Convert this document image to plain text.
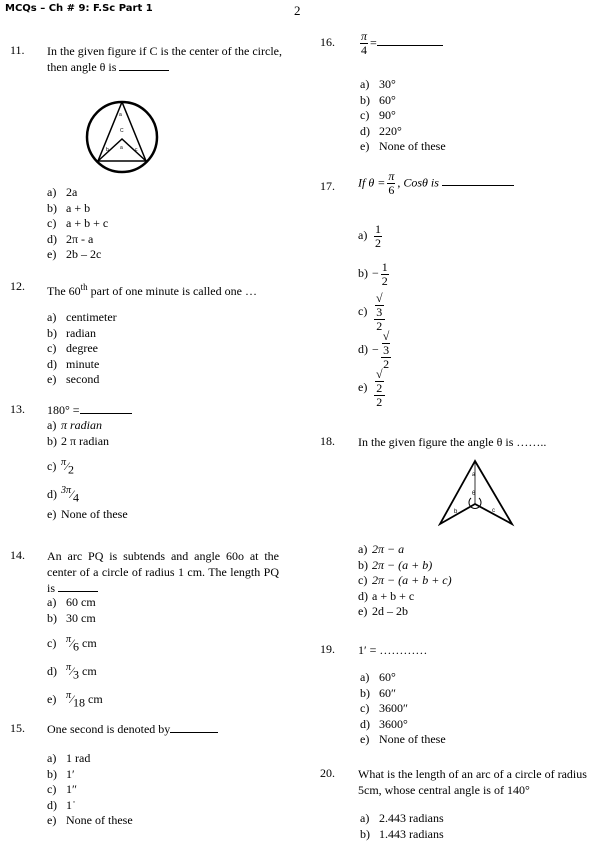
MCQs – Ch # 9: F.Sc Part 1	2
11. In the given figure if C is the center of the circle, then angle θ is
a
C
b	c
a
a) 2a
b) a + b
c) a + b + c
d) 2π - a
e) 2b – 2c
12. The 60th part of one minute is called one …
a) centimeter
b) radian
c) degree
d) minute
e) second
13. 180° =
a) π radian
b) 2 π radian
c) $^\pi⁄_2$
d) $^{3\pi}⁄_4$
e) None of these
14. An arc PQ is subtends and angle 60o at the center of a circle of radius 1 cm. The length PQ is
a) 60 cm
b) 30 cm
c) $^\pi⁄_6$ cm
d) $^\pi⁄_3$ cm
e) $^\pi⁄_{18}$ cm
15. One second is denoted by
a) 1 rad
b) 1′
c) 1″
d) 1˙
e) None of these
16. $\frac{\pi}{4}$ =
a) 30°
b) 60°
c) 90°
d) 220°
e) None of these
17. If $\theta = \frac{\pi}{6}$ , Cosθ is
$a) \frac{1}{2}$
$b) - \frac{1}{2}$
c) √
3
2
d) − √
3
2
e) √
2
2
18. In the given figure the angle θ is ……..
a
θ
b	c
a) 2π − a
b) 2π − (a + b)
c) 2π − (a + b + c)
d) a + b + c
e) 2d – 2b
19. 1′ = …………
a) 60°
b) 60″
c) 3600″
d) 3600°
e) None of these
20. What is the length of an arc of a circle of radius 5cm, whose central angle is of 140°
a) 2.443 radians
b) 1.443 radians
